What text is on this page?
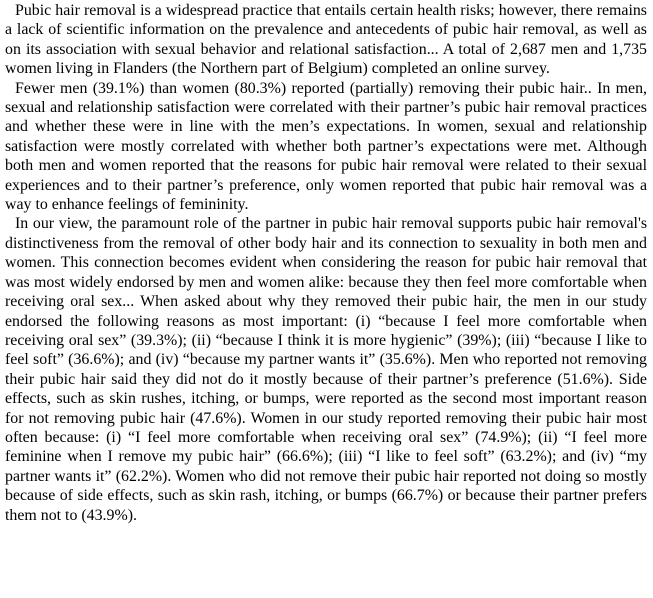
Pubic hair removal is a widespread practice that entails certain health risks; however, there remains a lack of scientific information on the prevalence and antecedents of pubic hair removal, as well as on its association with sexual behavior and relational satisfaction... A total of 2,687 men and 1,735 women living in Flanders (the Northern part of Belgium) completed an online survey.

Fewer men (39.1%) than women (80.3%) reported (partially) removing their pubic hair.. In men, sexual and relationship satisfaction were correlated with their partner’s pubic hair removal practices and whether these were in line with the men’s expectations. In women, sexual and relationship satisfaction were mostly correlated with whether both partner’s expectations were met. Although both men and women reported that the reasons for pubic hair removal were related to their sexual experiences and to their partner’s preference, only women reported that pubic hair removal was a way to enhance feelings of femininity.

In our view, the paramount role of the partner in pubic hair removal supports pubic hair removal's distinctiveness from the removal of other body hair and its connection to sexuality in both men and women. This connection becomes evident when considering the reason for pubic hair removal that was most widely endorsed by men and women alike: because they then feel more comfortable when receiving oral sex... When asked about why they removed their pubic hair, the men in our study endorsed the following reasons as most important: (i) “because I feel more comfortable when receiving oral sex” (39.3%); (ii) “because I think it is more hygienic” (39%); (iii) “because I like to feel soft” (36.6%); and (iv) “because my partner wants it” (35.6%). Men who reported not removing their pubic hair said they did not do it mostly because of their partner’s preference (51.6%). Side effects, such as skin rushes, itching, or bumps, were reported as the second most important reason for not removing pubic hair (47.6%). Women in our study reported removing their pubic hair most often because: (i) “I feel more comfortable when receiving oral sex” (74.9%); (ii) “I feel more feminine when I remove my pubic hair” (66.6%); (iii) “I like to feel soft” (63.2%); and (iv) “my partner wants it” (62.2%). Women who did not remove their pubic hair reported not doing so mostly because of side effects, such as skin rash, itching, or bumps (66.7%) or because their partner prefers them not to (43.9%).
